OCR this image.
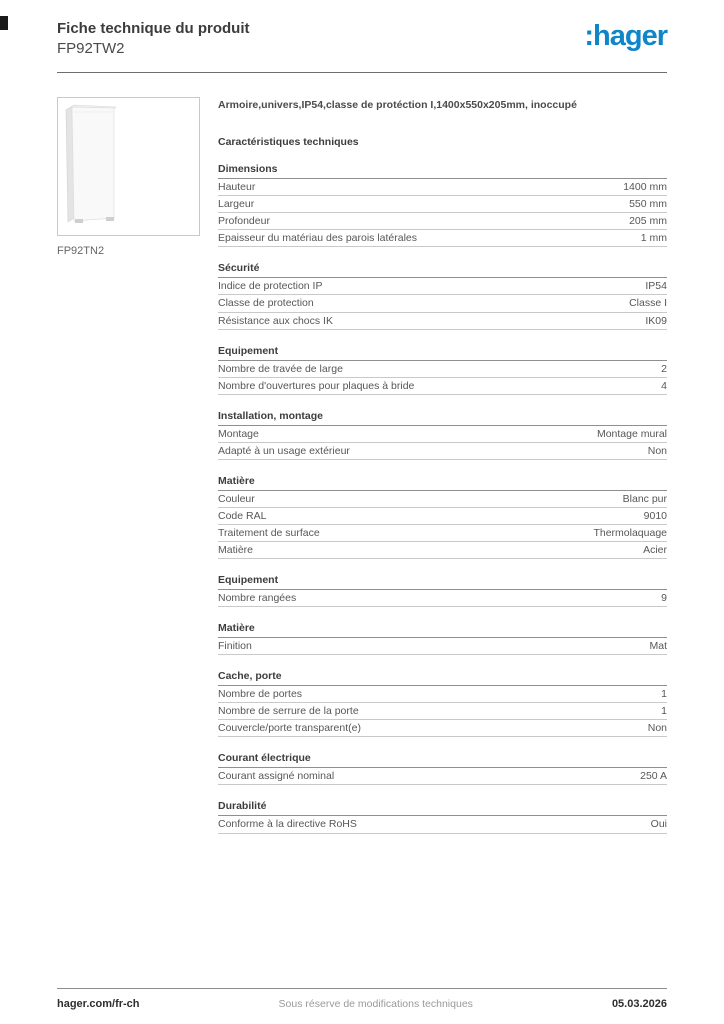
Fiche technique du produit
FP92TW2	:hager
FP92TN2
Armoire,univers,IP54,classe de protéction I,1400x550x205mm, inoccupé
Caractéristiques techniques
Dimensions
Hauteur	1400 mm
Largeur	550 mm
Profondeur	205 mm
Epaisseur du matériau des parois latérales	1 mm
Sécurité
Indice de protection IP	IP54
Classe de protection	Classe I
Résistance aux chocs IK	IK09
Equipement
Nombre de travée de large	2
Nombre d'ouvertures pour plaques à bride	4
Installation, montage
Montage	Montage mural
Adapté à un usage extérieur	Non
Matière
Couleur	Blanc pur
Code RAL	9010
Traitement de surface	Thermolaquage
Matière	Acier
Equipement
Nombre rangées	9
Matière
Finition	Mat
Cache, porte
Nombre de portes	1
Nombre de serrure de la porte	1
Couvercle/porte transparent(e)	Non
Courant électrique
Courant assigné nominal	250 A
Durabilité
Conforme à la directive RoHS	Oui
hager.com/fr-ch	Sous réserve de modifications techniques	05.03.2026
